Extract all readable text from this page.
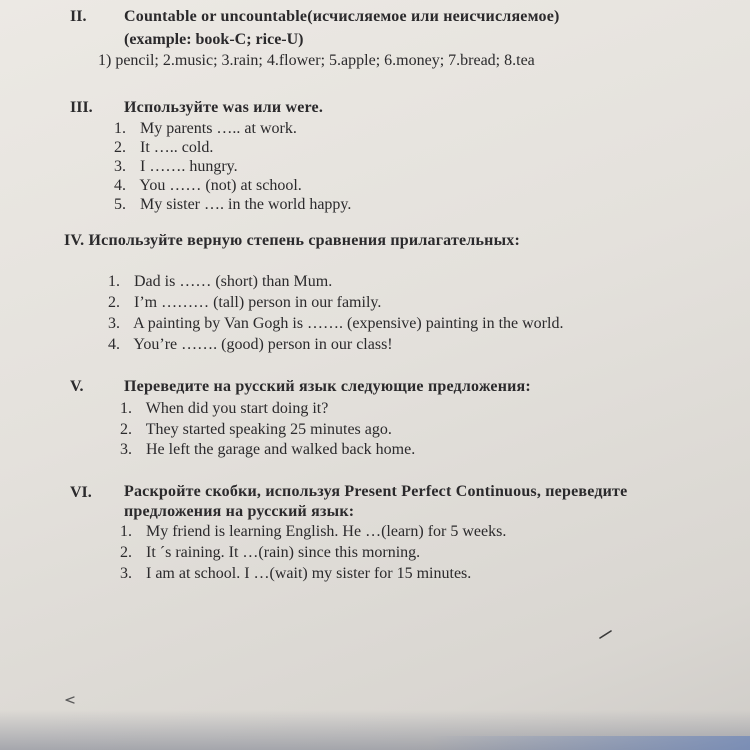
II. Countable or uncountable(исчисляемое или неисчисляемое)
(example: book-C; rice-U)
1) pencil; 2.music; 3.rain; 4.flower; 5.apple; 6.money; 7.bread; 8.tea
III. Используйте was или were.
1. My parents ….. at work.
2. It ….. cold.
3. I ……. hungry.
4. You …… (not) at school.
5. My sister …. in the world happy.
IV. Используйте верную степень сравнения прилагательных:
1. Dad is …… (short) than Mum.
2. I’m ……… (tall) person in our family.
3. A painting by Van Gogh is ……. (expensive) painting in the world.
4. You’re ……. (good) person in our class!
V.	Переведите на русский язык следующие предложения:
1. When did you start doing it?
2. They started speaking 25 minutes ago.
3. He left the garage and walked back home.
VI. Раскройте скобки, используя Present Perfect Continuous, переведите
предложения на русский язык:
1. My friend is learning English. He …(learn) for 5 weeks.
2. It ´s raining. It …(rain) since this morning.
3. I am at school. I …(wait) my sister for 15 minutes.
